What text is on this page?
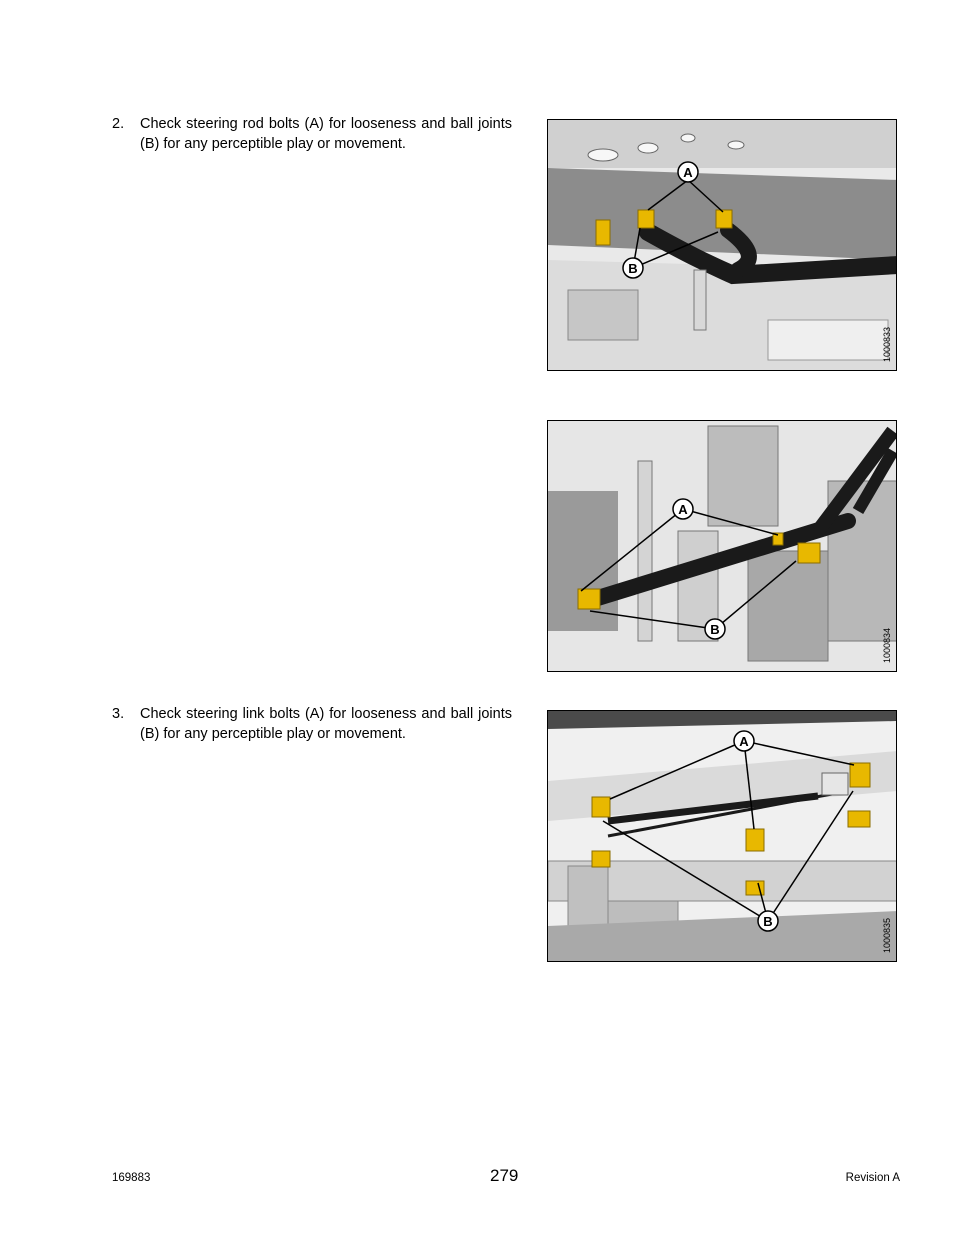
2. Check steering rod bolts (A) for looseness and ball joints (B) for any perceptible play or movement.
A
B
1000833
A
B	1000834
3. Check steering link bolts (A) for looseness and ball joints (B) for any perceptible play or movement.	A
B	1000835
169883	279	Revision A
